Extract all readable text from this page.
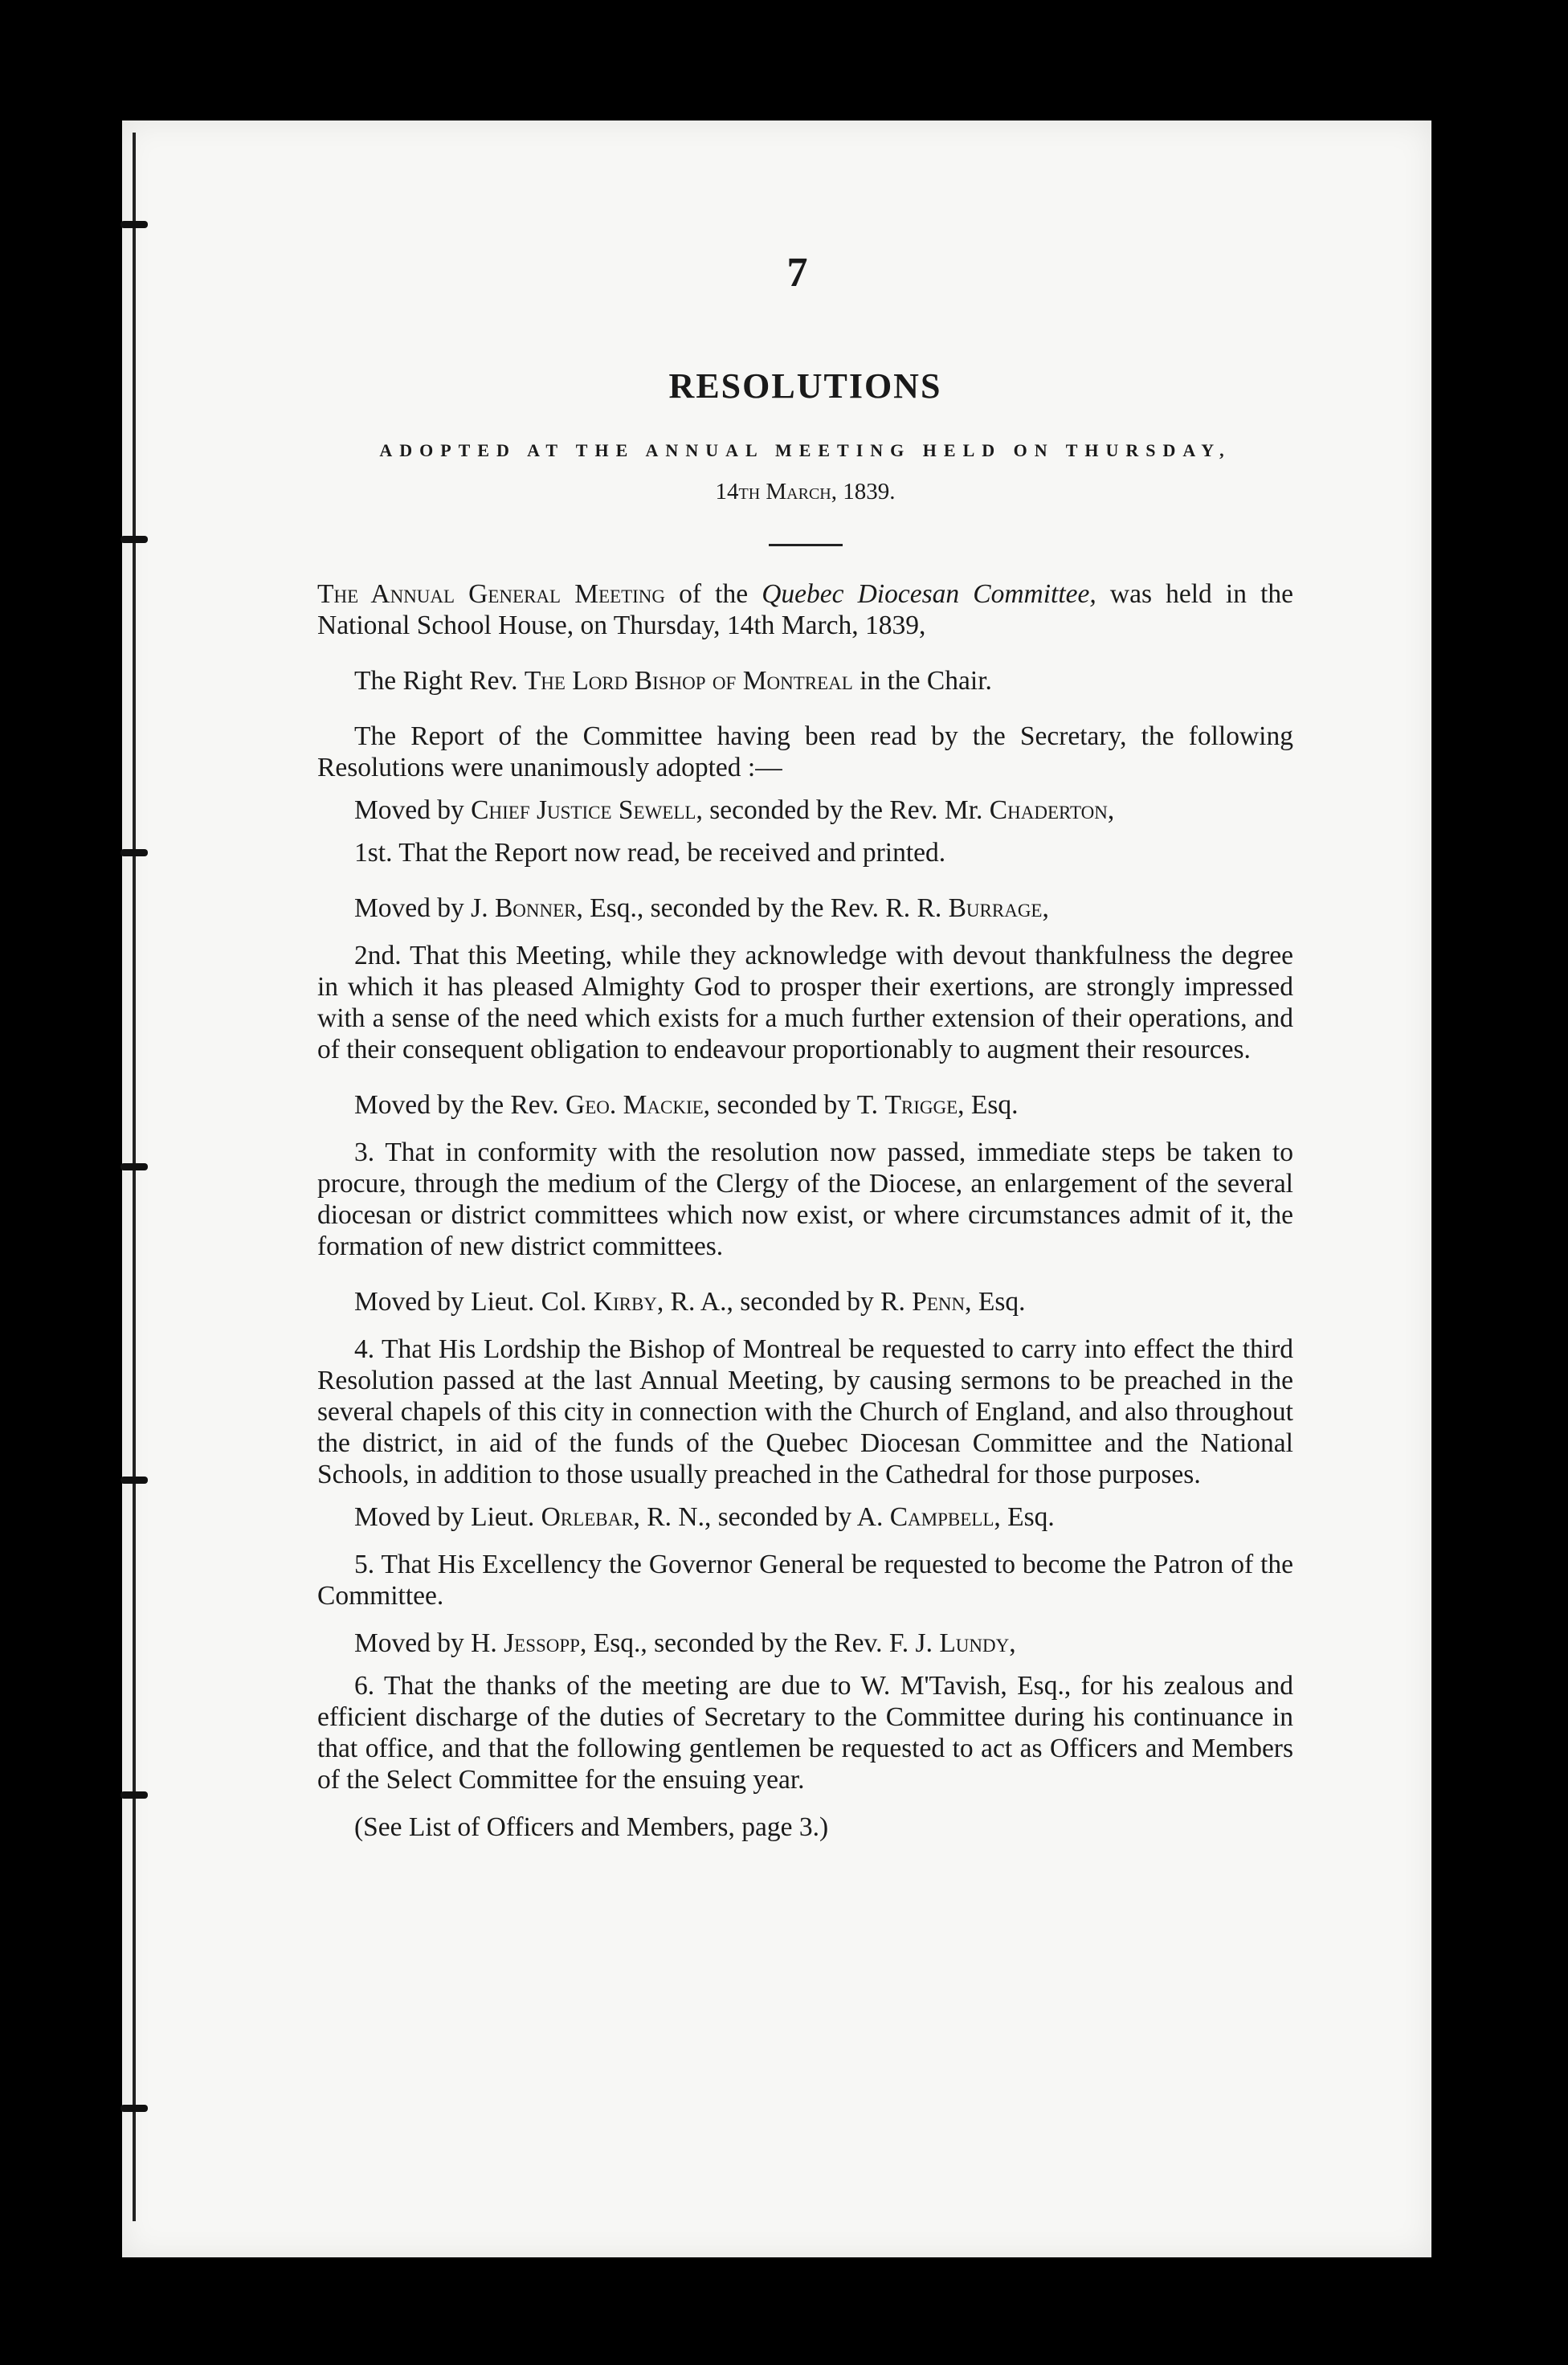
7
RESOLUTIONS
ADOPTED AT THE ANNUAL MEETING HELD ON THURSDAY,
14th March, 1839.

The Annual General Meeting of the Quebec Diocesan Committee, was held in the National School House, on Thursday, 14th March, 1839,

The Right Rev. The Lord Bishop of Montreal in the Chair.

The Report of the Committee having been read by the Secretary, the following Resolutions were unanimously adopted :—

Moved by Chief Justice Sewell, seconded by the Rev. Mr. Chaderton,

1st. That the Report now read, be received and printed.

Moved by J. Bonner, Esq., seconded by the Rev. R. R. Burrage,

2nd. That this Meeting, while they acknowledge with devout thankfulness the degree in which it has pleased Almighty God to prosper their exertions, are strongly impressed with a sense of the need which exists for a much further extension of their operations, and of their consequent obligation to endeavour proportionably to augment their resources.

Moved by the Rev. Geo. Mackie, seconded by T. Trigge, Esq.

3. That in conformity with the resolution now passed, immediate steps be taken to procure, through the medium of the Clergy of the Diocese, an enlargement of the several diocesan or district committees which now exist, or where circumstances admit of it, the formation of new district committees.

Moved by Lieut. Col. Kirby, R. A., seconded by R. Penn, Esq.

4. That His Lordship the Bishop of Montreal be requested to carry into effect the third Resolution passed at the last Annual Meeting, by causing sermons to be preached in the several chapels of this city in connection with the Church of England, and also throughout the district, in aid of the funds of the Quebec Diocesan Committee and the National Schools, in addition to those usually preached in the Cathedral for those purposes.

Moved by Lieut. Orlebar, R. N., seconded by A. Campbell, Esq.

5. That His Excellency the Governor General be requested to become the Patron of the Committee.

Moved by H. Jessopp, Esq., seconded by the Rev. F. J. Lundy,

6. That the thanks of the meeting are due to W. M'Tavish, Esq., for his zealous and efficient discharge of the duties of Secretary to the Committee during his continuance in that office, and that the following gentlemen be requested to act as Officers and Members of the Select Committee for the ensuing year.

(See List of Officers and Members, page 3.)
